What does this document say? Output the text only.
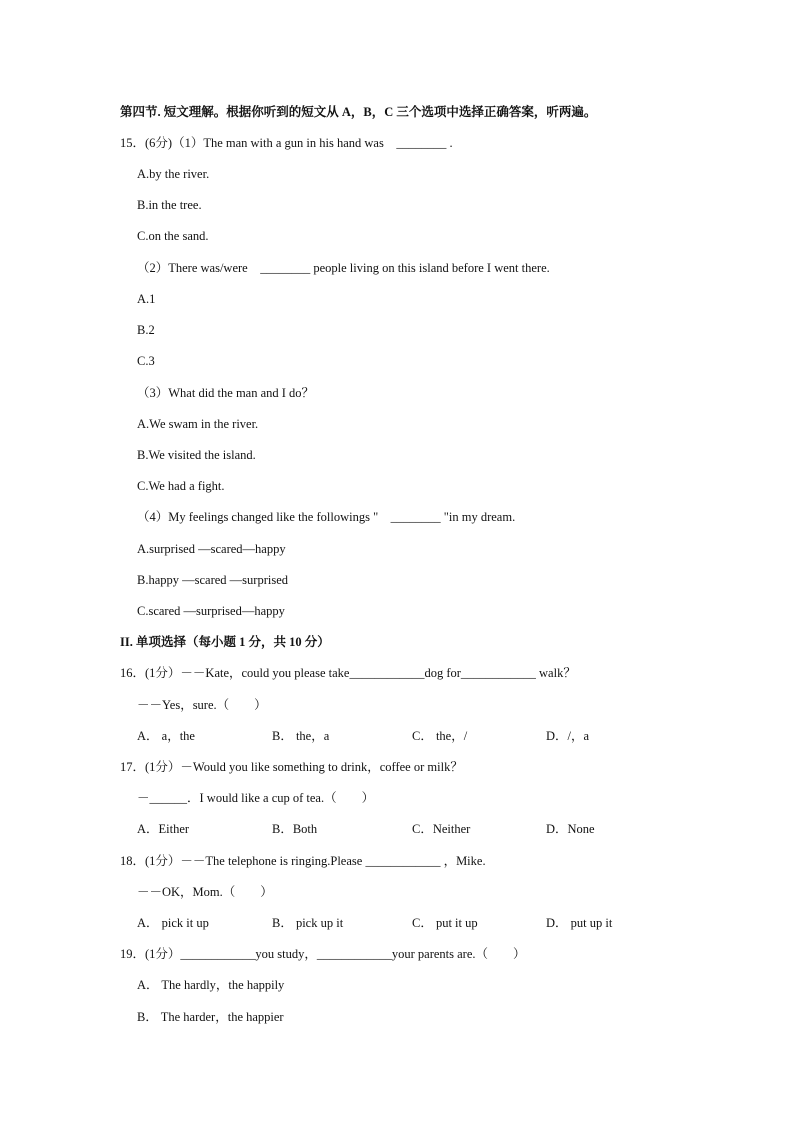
第四节. 短文理解。根据你听到的短文从 A，B，C 三个选项中选择正确答案，听两遍。
15．(6分)（1）The man with a gun in his hand was　________ .
A.by the river.
B.in the tree.
C.on the sand.
（2）There was/were　________ people living on this island before I went there.
A.1
B.2
C.3
（3）What did the man and I do？
A.We swam in the river.
B.We visited the island.
C.We had a fight.
（4）My feelings changed like the followings "　________ "in my dream.
A.surprised —scared—happy
B.happy —scared —surprised
C.scared —surprised—happy
II. 单项选择（每小题 1 分，共 10 分）
16．(1分）－－Kate，could you please take____________dog for____________ walk？
－－Yes，sure.（　　）
A． a，the	B． the，a	C． the，/	D．/，a
17．(1分）－Would you like something to drink，coffee or milk？
－______．I would like a cup of tea.（　　）
A．Either	B．Both	C．Neither	D．None
18．(1分）－－The telephone is ringing.Please ____________ ，Mike.
－－OK，Mom.（　　）
A． pick it up	B． pick up it	C． put it up	D． put up it
19．(1分）____________you study，____________your parents are.（　　）
A． The hardly，the happily
B． The harder，the happier
